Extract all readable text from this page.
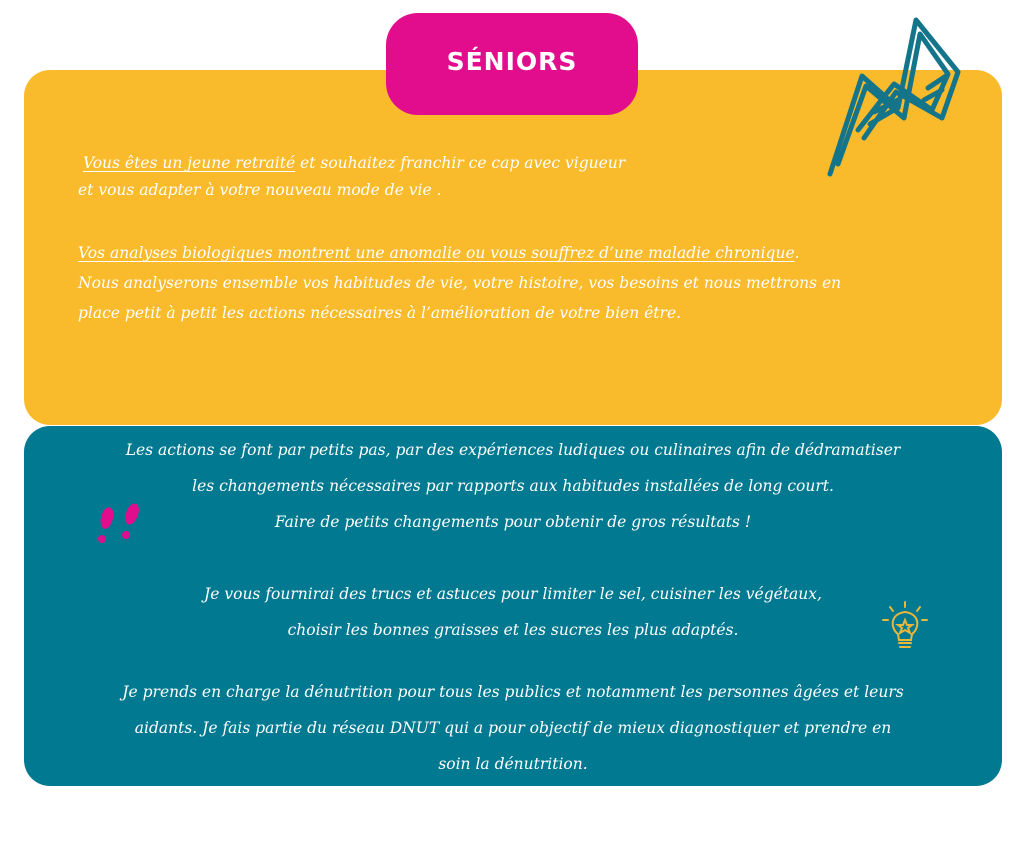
SÉNIORS
Vous êtes un jeune retraité et souhaitez franchir ce cap avec vigueur
et vous adapter à votre nouveau mode de vie .
Vos analyses biologiques montrent une anomalie ou vous souffrez d’une maladie chronique.
Nous analyserons ensemble vos habitudes de vie, votre histoire, vos besoins et nous mettrons en
place petit à petit les actions nécessaires à l’amélioration de votre bien être.
Les actions se font par petits pas, par des expériences ludiques ou culinaires afin de dédramatiser
les changements nécessaires par rapports aux habitudes installées de long court.
Faire de petits changements pour obtenir de gros résultats !
Je vous fournirai des trucs et astuces pour limiter le sel, cuisiner les végétaux,
choisir les bonnes graisses et les sucres les plus adaptés.
Je prends en charge la dénutrition pour tous les publics et notamment les personnes âgées et leurs
aidants. Je fais partie du réseau DNUT qui a pour objectif de mieux diagnostiquer et prendre en
soin la dénutrition.
